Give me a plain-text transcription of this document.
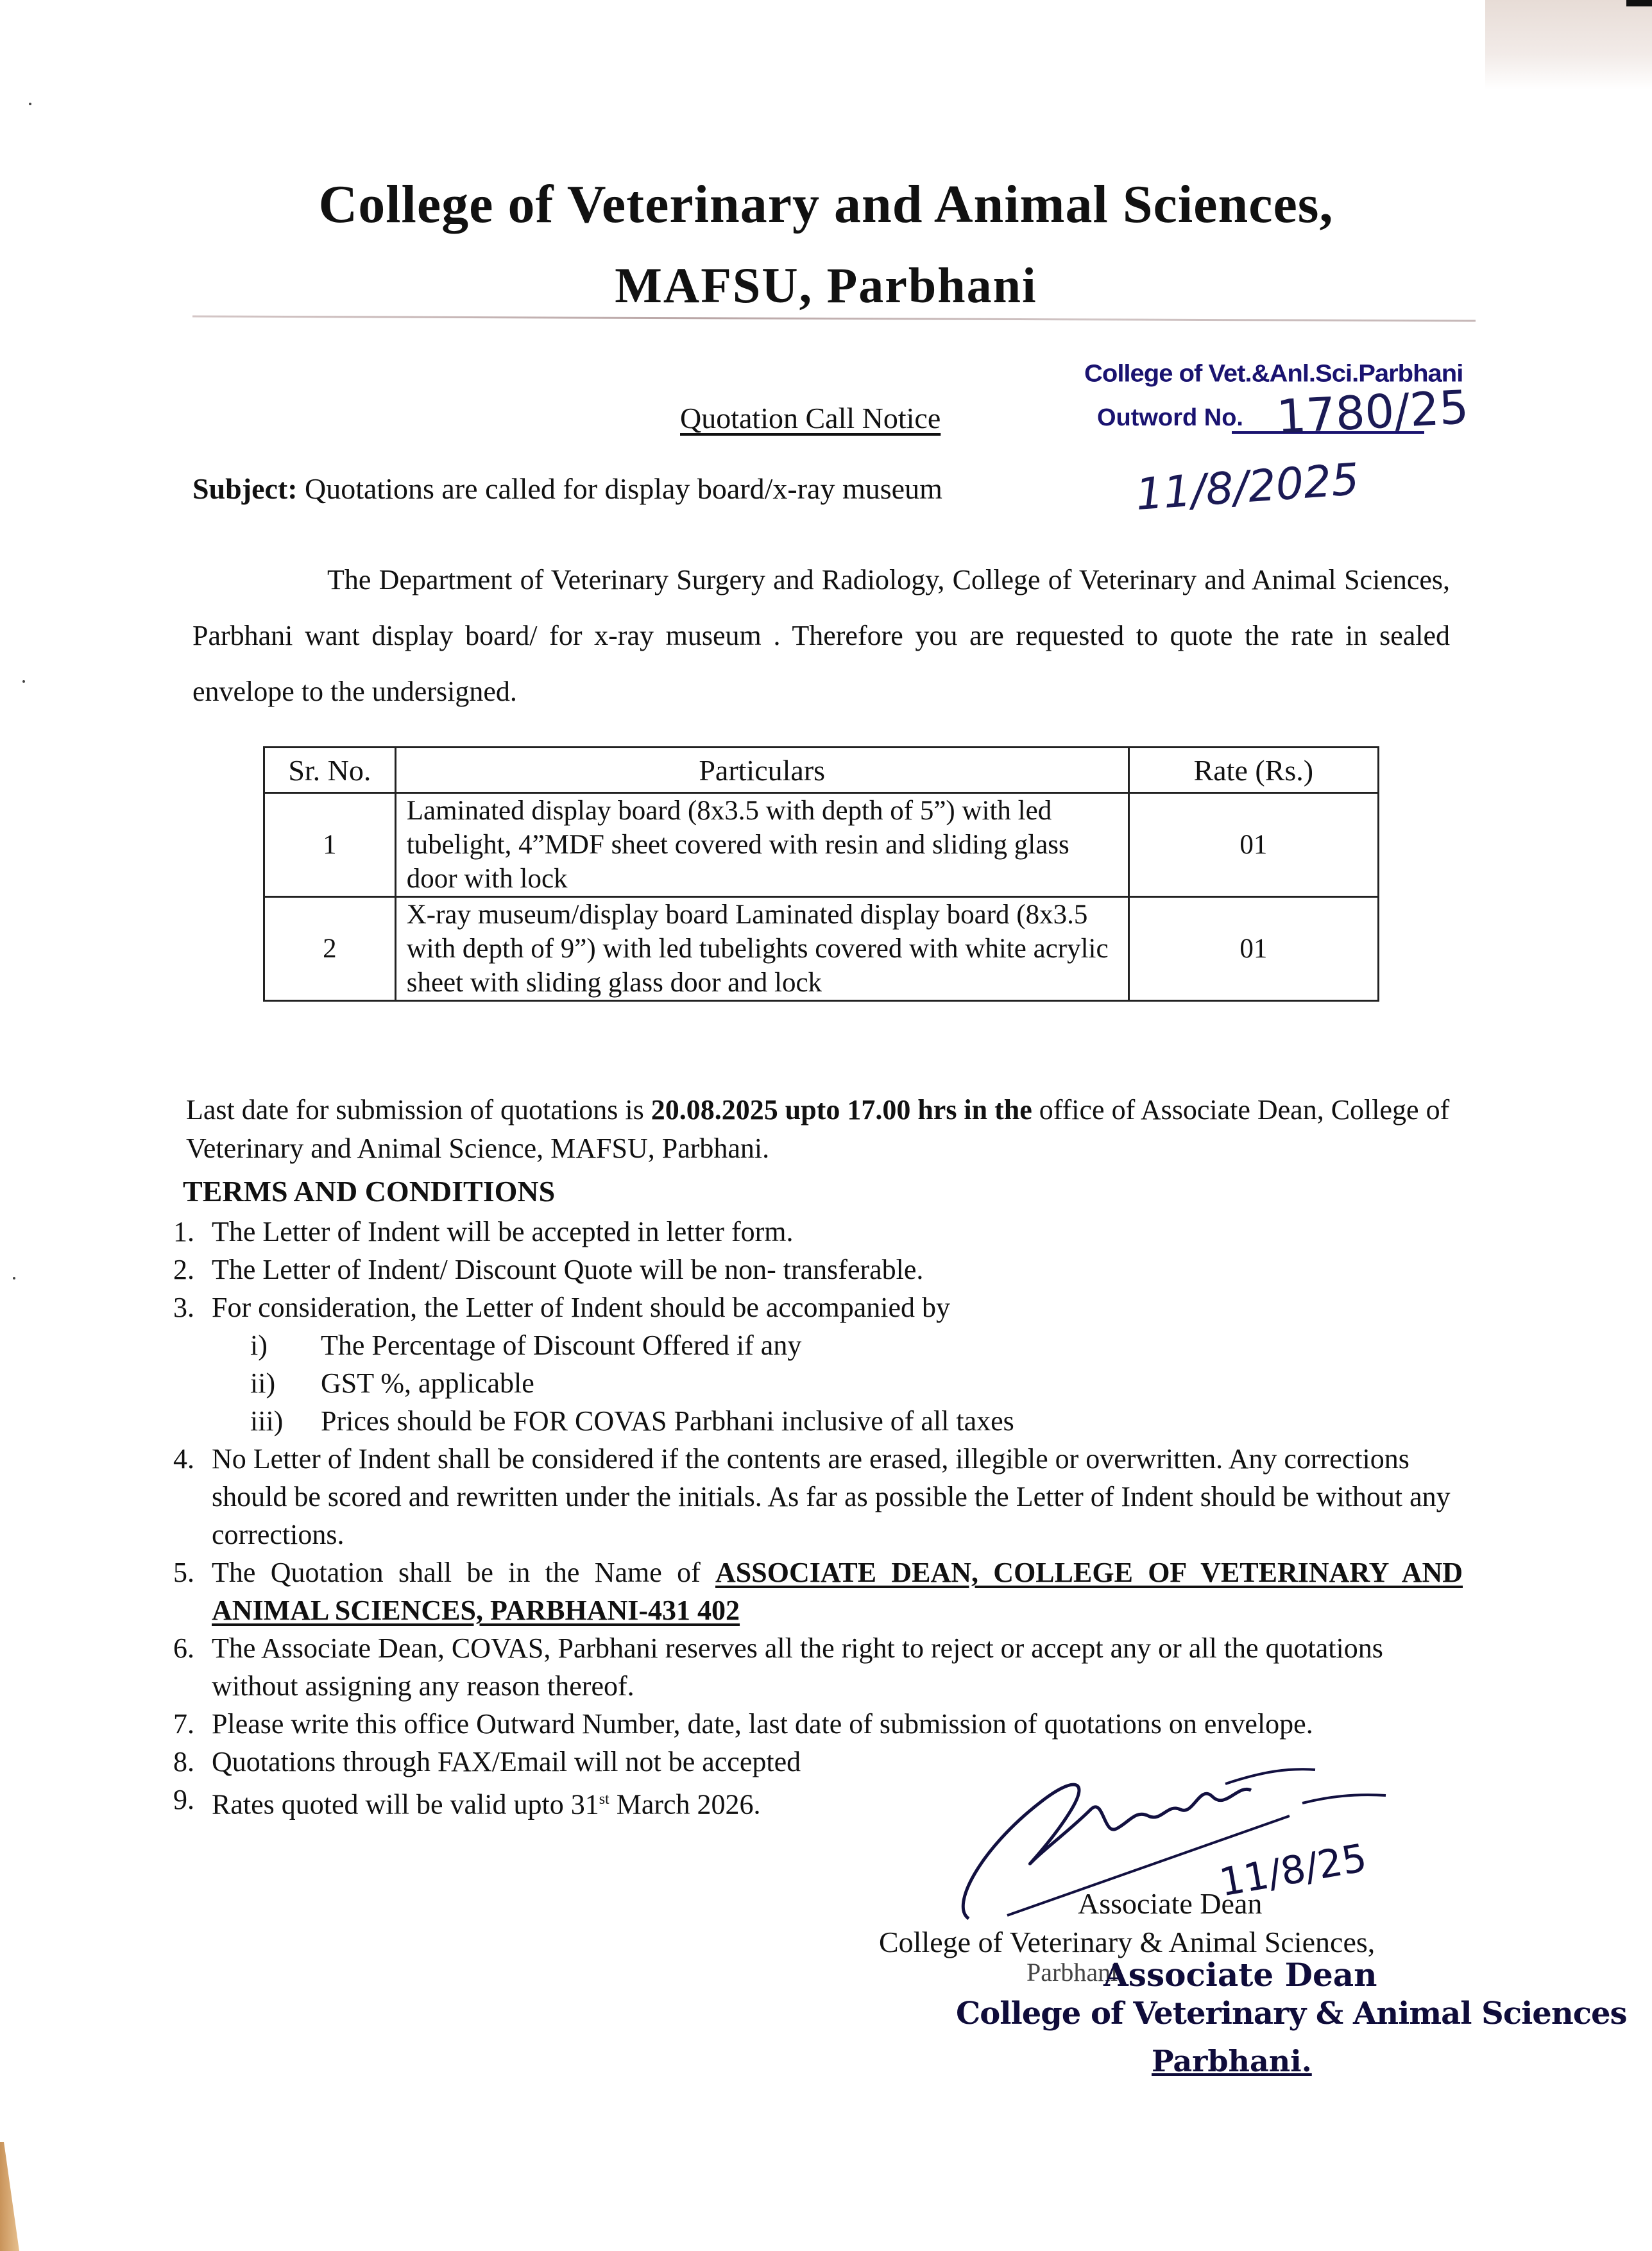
College of Veterinary and Animal Sciences,
MAFSU, Parbhani
College of Vet.&Anl.Sci.Parbhani
Outword No. 1780/25
11/8/2025
Quotation Call Notice
Subject: Quotations are called for display board/x-ray museum
The Department of Veterinary Surgery and Radiology, College of Veterinary and Animal Sciences, Parbhani want display board/ for x-ray museum . Therefore you are requested to quote the rate in sealed envelope to the undersigned.
Sr. No.	Particulars	Rate (Rs.)
1	Laminated display board (8x3.5 with depth of 5”) with led tubelight, 4”MDF sheet covered with resin and sliding glass door with lock	01
2	X-ray museum/display board Laminated display board (8x3.5 with depth of 9”) with led tubelights covered with white acrylic sheet with sliding glass door and lock	01
Last date for submission of quotations is 20.08.2025 upto 17.00 hrs in the office of Associate Dean, College of Veterinary and Animal Science, MAFSU, Parbhani.
TERMS AND CONDITIONS
1. The Letter of Indent will be accepted in letter form.
2. The Letter of Indent/ Discount Quote will be non- transferable.
3. For consideration, the Letter of Indent should be accompanied by
i)	The Percentage of Discount Offered if any
ii)	GST %, applicable
iii)	Prices should be FOR COVAS Parbhani inclusive of all taxes
4. No Letter of Indent shall be considered if the contents are erased, illegible or overwritten. Any corrections should be scored and rewritten under the initials. As far as possible the Letter of Indent should be without any corrections.
5. The Quotation shall be in the Name of ASSOCIATE DEAN, COLLEGE OF VETERINARY AND ANIMAL SCIENCES, PARBHANI-431 402
6. The Associate Dean, COVAS, Parbhani reserves all the right to reject or accept any or all the quotations without assigning any reason thereof.
7. Please write this office Outward Number, date, last date of submission of quotations on envelope.
8. Quotations through FAX/Email will not be accepted
9. Rates quoted will be valid upto 31st March 2026.
11/8/25
Associate Dean
College of Veterinary & Animal Sciences,
Parbhani
Associate Dean
College of Veterinary & Animal Sciences
Parbhani.
